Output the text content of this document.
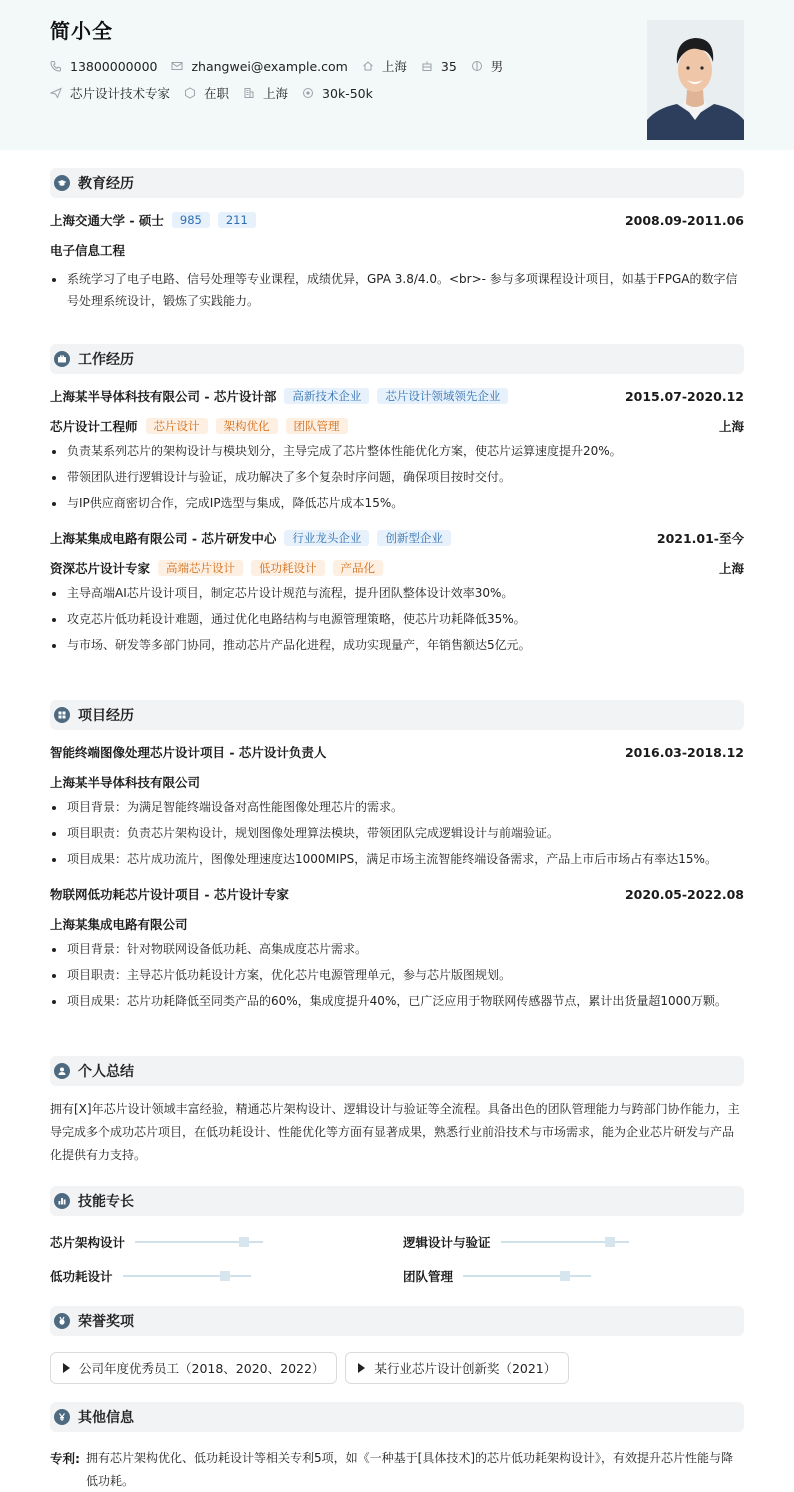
简小全
13800000000	zhangwei@example.com	上海	35	男
芯片设计技术专家	在职	上海	30k-50k
教育经历
上海交通大学 - 硕士	985	211	2008.09-2011.06
电子信息工程
系统学习了电子电路、信号处理等专业课程，成绩优异，GPA 3.8/4.0。<br>- 参与多项课程设计项目，如基于FPGA的数字信号处理系统设计，锻炼了实践能力。
工作经历
上海某半导体科技有限公司 - 芯片设计部	高新技术企业	芯片设计领域领先企业	2015.07-2020.12
芯片设计工程师	芯片设计	架构优化	团队管理	上海
负责某系列芯片的架构设计与模块划分，主导完成了芯片整体性能优化方案，使芯片运算速度提升20%。
带领团队进行逻辑设计与验证，成功解决了多个复杂时序问题，确保项目按时交付。
与IP供应商密切合作，完成IP选型与集成，降低芯片成本15%。
上海某集成电路有限公司 - 芯片研发中心	行业龙头企业	创新型企业	2021.01-至今
资深芯片设计专家	高端芯片设计	低功耗设计	产品化	上海
主导高端AI芯片设计项目，制定芯片设计规范与流程，提升团队整体设计效率30%。
攻克芯片低功耗设计难题，通过优化电路结构与电源管理策略，使芯片功耗降低35%。
与市场、研发等多部门协同，推动芯片产品化进程，成功实现量产，年销售额达5亿元。
项目经历
智能终端图像处理芯片设计项目 - 芯片设计负责人	2016.03-2018.12
上海某半导体科技有限公司
项目背景：为满足智能终端设备对高性能图像处理芯片的需求。
项目职责：负责芯片架构设计，规划图像处理算法模块，带领团队完成逻辑设计与前端验证。
项目成果：芯片成功流片，图像处理速度达1000MIPS，满足市场主流智能终端设备需求，产品上市后市场占有率达15%。
物联网低功耗芯片设计项目 - 芯片设计专家	2020.05-2022.08
上海某集成电路有限公司
项目背景：针对物联网设备低功耗、高集成度芯片需求。
项目职责：主导芯片低功耗设计方案，优化芯片电源管理单元，参与芯片版图规划。
项目成果：芯片功耗降低至同类产品的60%，集成度提升40%，已广泛应用于物联网传感器节点，累计出货量超1000万颗。
个人总结

拥有[X]年芯片设计领域丰富经验，精通芯片架构设计、逻辑设计与验证等全流程。具备出色的团队管理能力与跨部门协作能力，主导完成多个成功芯片项目，在低功耗设计、性能优化等方面有显著成果，熟悉行业前沿技术与市场需求，能为企业芯片研发与产品化提供有力支持。

技能专长
芯片架构设计	逻辑设计与验证
低功耗设计	团队管理
荣誉奖项
公司年度优秀员工（2018、2020、2022）	某行业芯片设计创新奖（2021）
其他信息
专利: 拥有芯片架构优化、低功耗设计等相关专利5项，如《一种基于[具体技术]的芯片低功耗架构设计》，有效提升芯片性能与降低功耗。
